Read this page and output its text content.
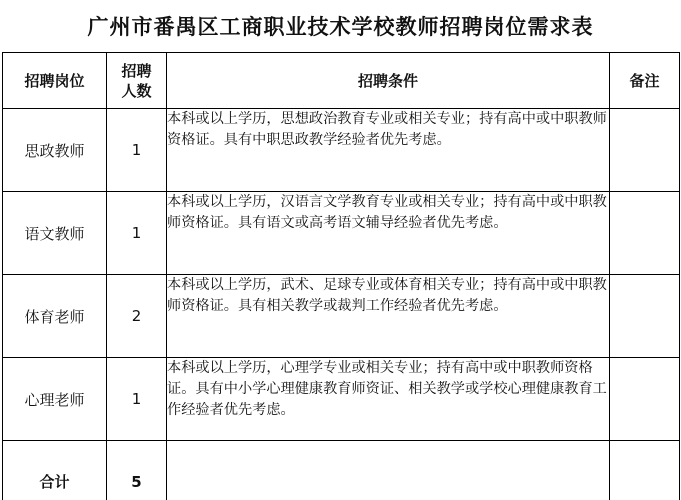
广州市番禺区工商职业技术学校教师招聘岗位需求表
招聘岗位	招聘人数	招聘条件	备注
思政教师	1	本科或以上学历，思想政治教育专业或相关专业；持有高中或中职教师资格证。具有中职思政教学经验者优先考虑。	
语文教师	1	本科或以上学历，汉语言文学教育专业或相关专业；持有高中或中职教师资格证。具有语文或高考语文辅导经验者优先考虑。	
体育老师	2	本科或以上学历，武术、足球专业或体育相关专业；持有高中或中职教师资格证。具有相关教学或裁判工作经验者优先考虑。	
心理老师	1	本科或以上学历，心理学专业或相关专业；持有高中或中职教师资格证。具有中小学心理健康教育师资证、相关教学或学校心理健康教育工作经验者优先考虑。	
合计	5		
